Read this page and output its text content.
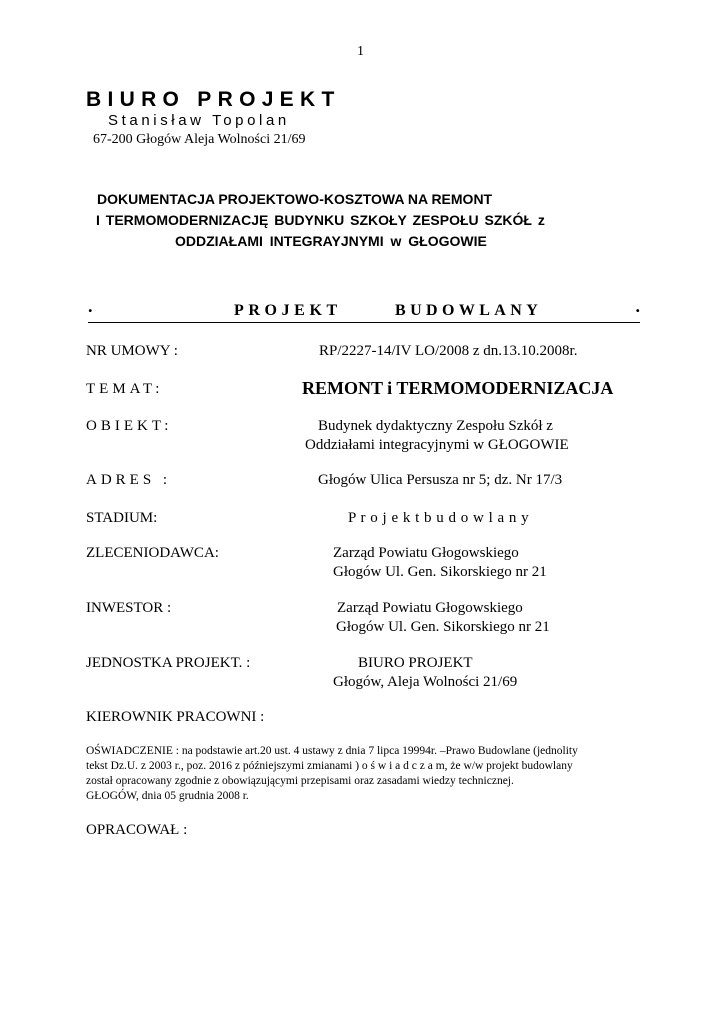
1
BIURO PROJEKT
Stanisław Topolan
67-200 Głogów Aleja Wolności 21/69
DOKUMENTACJA PROJEKTOWO-KOSZTOWA NA REMONT
I TERMOMODERNIZACJĘ BUDYNKU SZKOŁY ZESPOŁU SZKÓŁ z
ODDZIAŁAMI INTEGRAYJNYMI w GŁOGOWIE
.	PROJEKT	BUDOWLANY	.
NR UMOWY :	RP/2227-14/IV LO/2008 z dn.13.10.2008r.
TEMAT:	REMONT i TERMOMODERNIZACJA
OBIEKT:	Budynek dydaktyczny Zespołu Szkół z
Oddziałami integracyjnymi w GŁOGOWIE
ADRES :	Głogów Ulica Persusza nr 5; dz. Nr 17/3
STADIUM:	P r o j e k t b u d o w l a n y
ZLECENIODAWCA:	Zarząd Powiatu Głogowskiego
Głogów Ul. Gen. Sikorskiego nr 21
INWESTOR :	Zarząd Powiatu Głogowskiego
Głogów Ul. Gen. Sikorskiego nr 21
JEDNOSTKA PROJEKT. :	BIURO PROJEKT
Głogów, Aleja Wolności 21/69
KIEROWNIK PRACOWNI :
OŚWIADCZENIE : na podstawie art.20 ust. 4 ustawy z dnia 7 lipca 19994r. –Prawo Budowlane (jednolity
tekst Dz.U. z 2003 r., poz. 2016 z późniejszymi zmianami ) o ś w i a d c z a m, że w/w projekt budowlany
został opracowany zgodnie z obowiązującymi przepisami oraz zasadami wiedzy technicznej.
GŁOGÓW, dnia 05 grudnia 2008 r.
OPRACOWAŁ :
